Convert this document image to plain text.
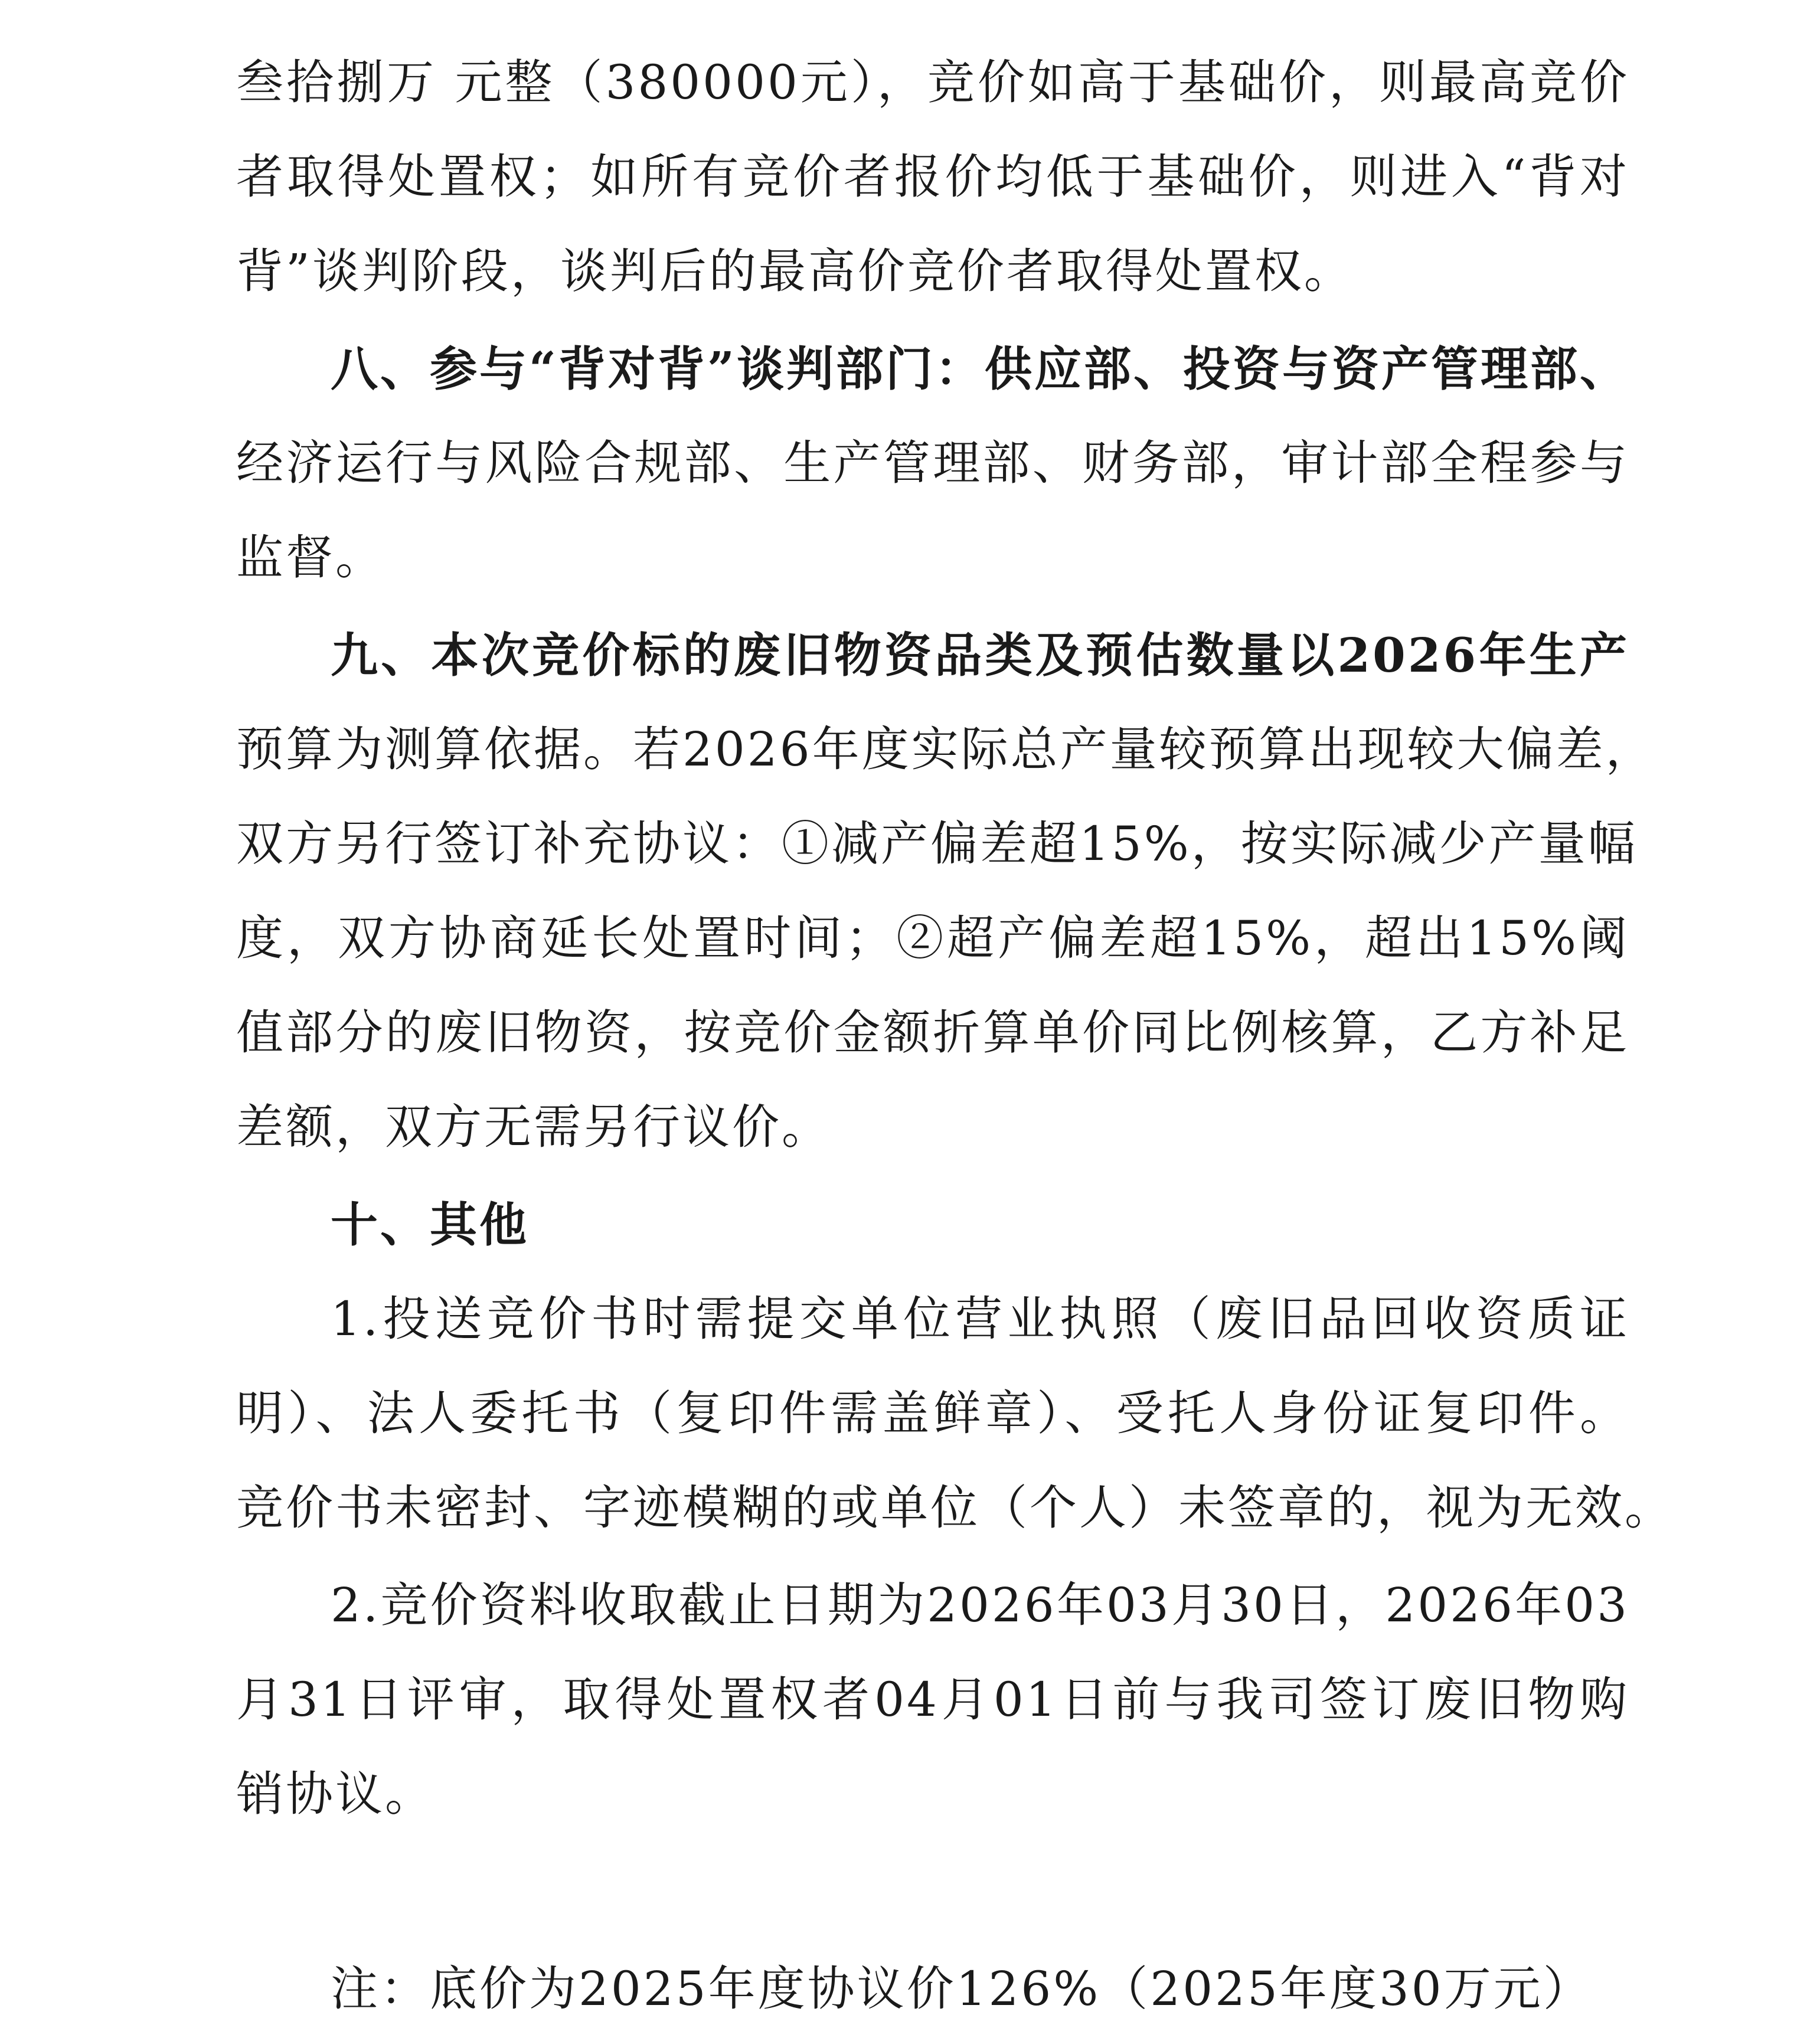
叁拾捌万 元整（380000元），竞价如高于基础价，则最高竞价
者取得处置权；如所有竞价者报价均低于基础价，则进入“背对
背”谈判阶段，谈判后的最高价竞价者取得处置权。
八、参与“背对背”谈判部门：供应部、投资与资产管理部、
经济运行与风险合规部、生产管理部、财务部，审计部全程参与
监督。
九、本次竞价标的废旧物资品类及预估数量以2026年生产
预算为测算依据。若2026年度实际总产量较预算出现较大偏差，
双方另行签订补充协议：①减产偏差超15%，按实际减少产量幅
度，双方协商延长处置时间；②超产偏差超15%，超出15%阈
值部分的废旧物资，按竞价金额折算单价同比例核算，乙方补足
差额，双方无需另行议价。
十、其他
1.投送竞价书时需提交单位营业执照（废旧品回收资质证
明）、法人委托书（复印件需盖鲜章）、受托人身份证复印件。
竞价书未密封、字迹模糊的或单位（个人）未签章的，视为无效。
2.竞价资料收取截止日期为2026年03月30日，2026年03
月31日评审，取得处置权者04月01日前与我司签订废旧物购
销协议。
注：底价为2025年度协议价126%（2025年度30万元）
